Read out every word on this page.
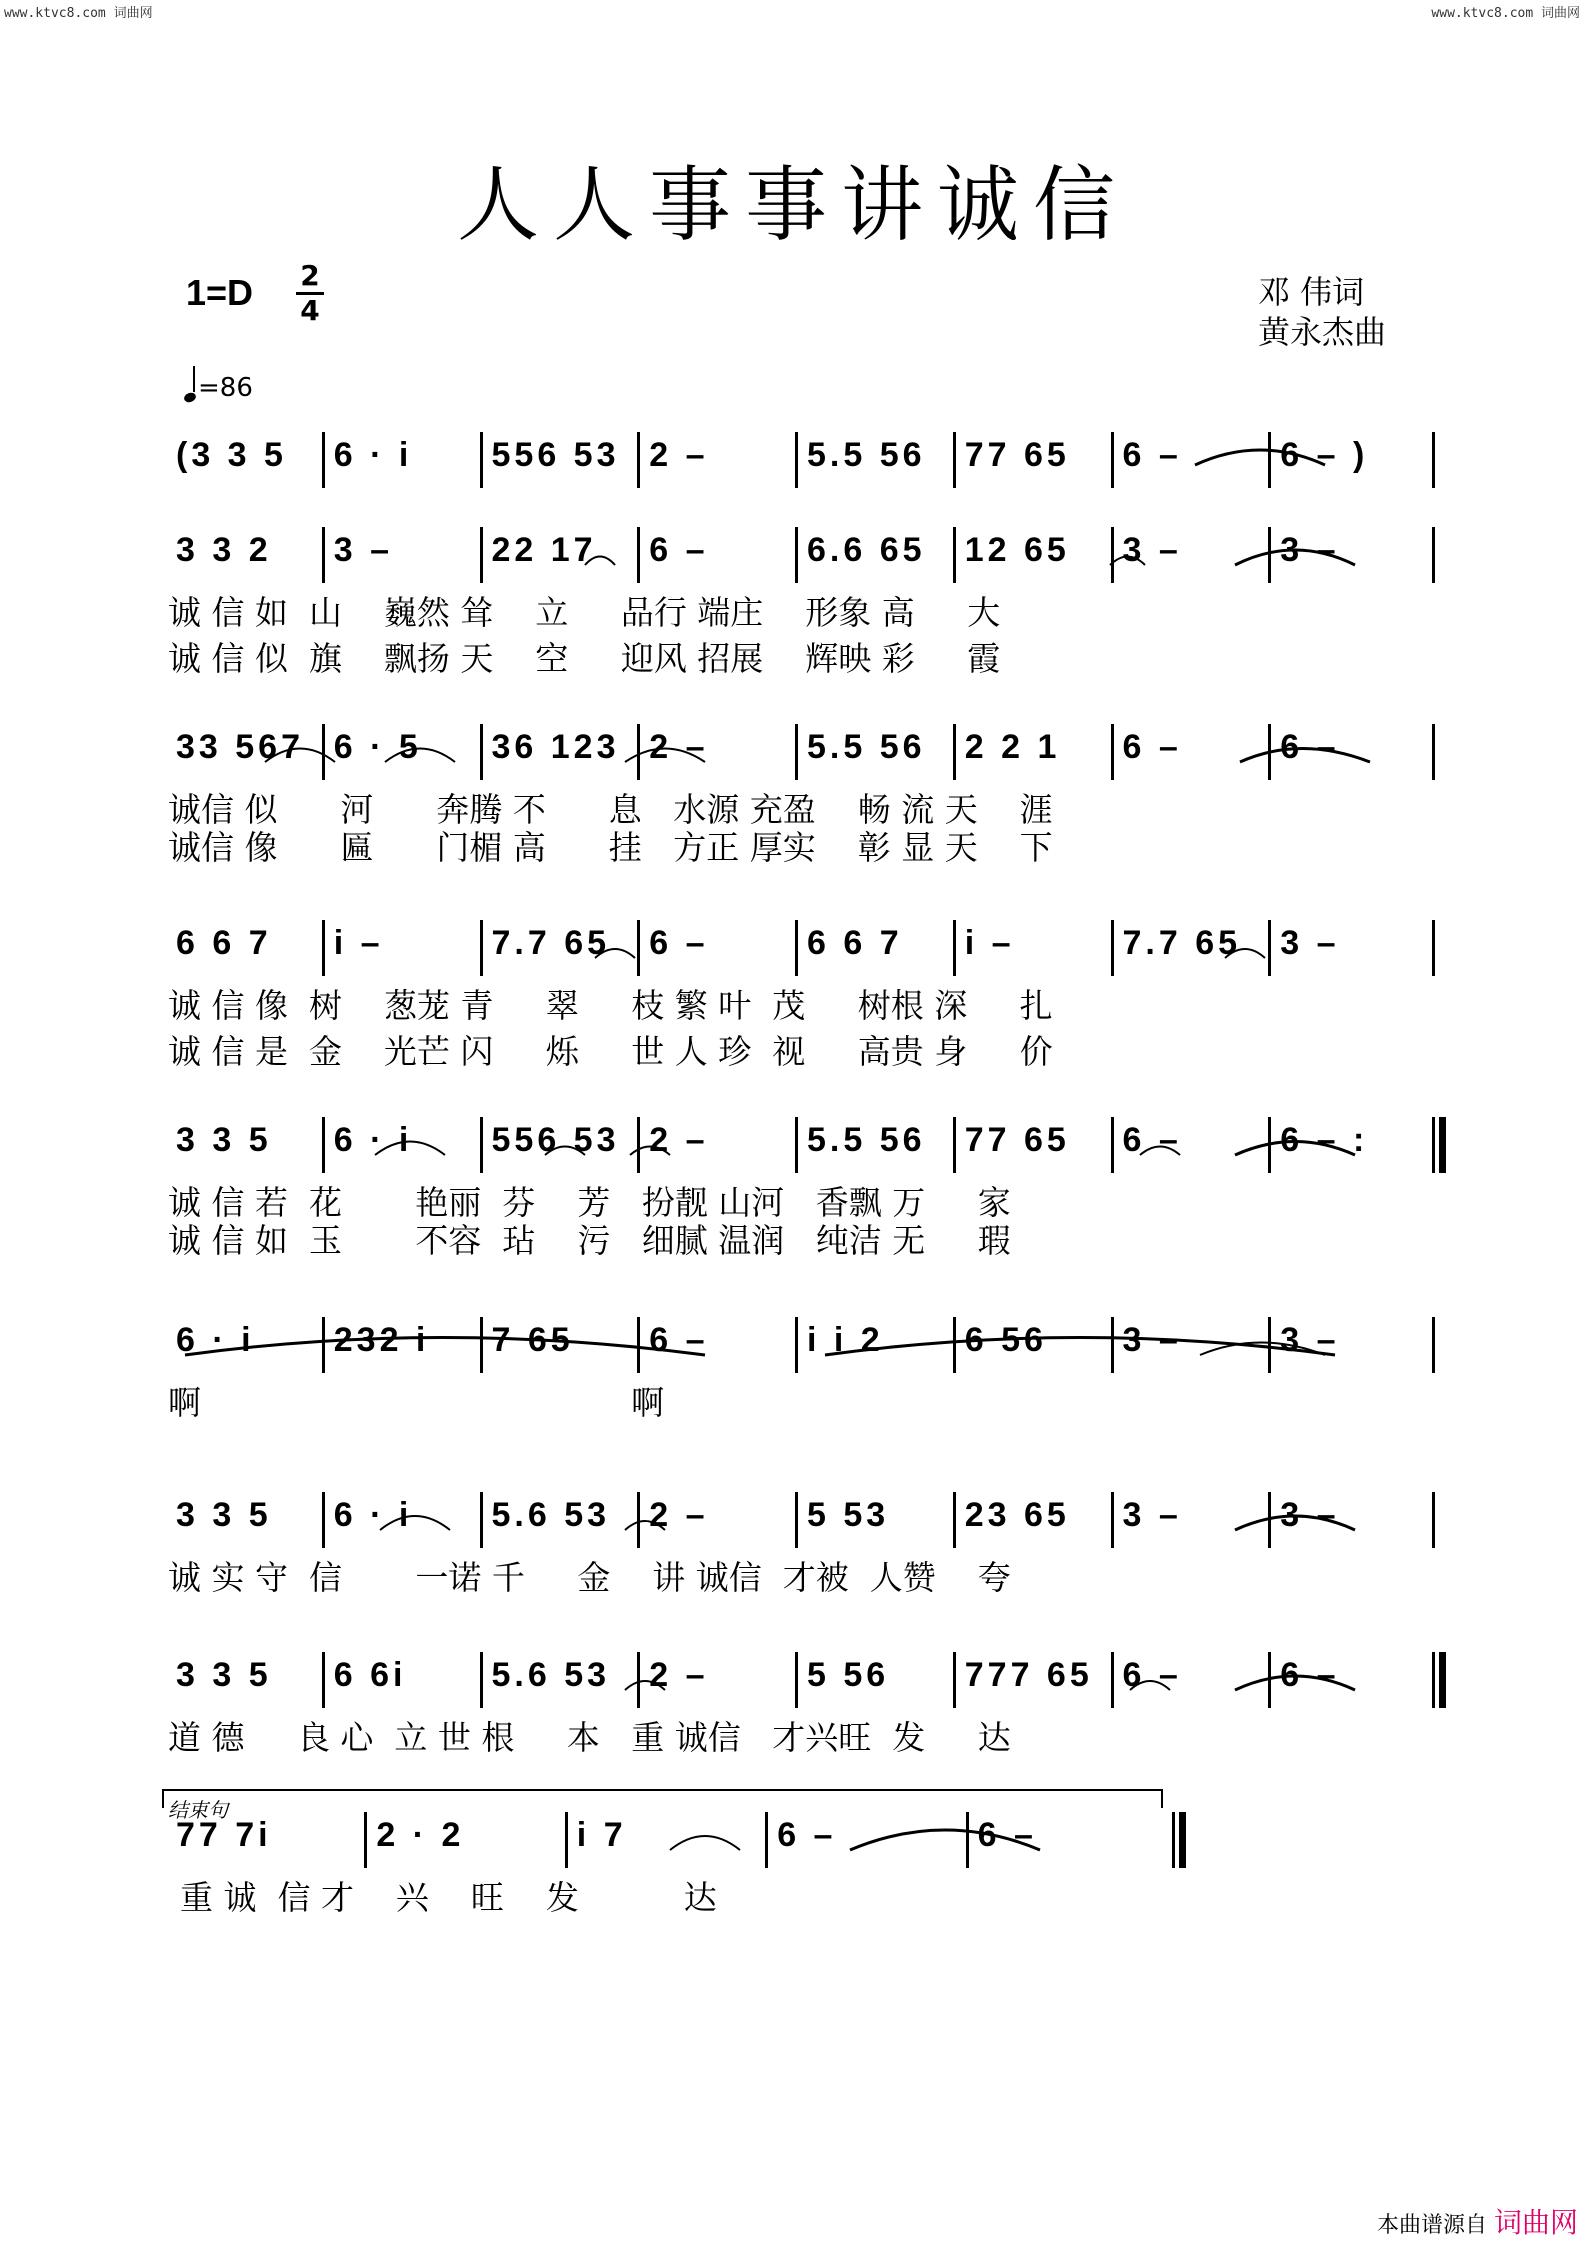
www.ktvc8.com 词曲网	www.ktvc8.com 词曲网
人人事事讲诚信
1=D 2
4	邓 伟词
黄永杰曲
=86
(3 3 5 6 · i 556 53 2 –	5.5 56 77 65 6 –	6 – )
3 3 2 3 –	22 17 6 –	6.6 65 12 65 3 –	3 –
诚 信 如  山    巍然 耸    立     品行 端庄    形象 高     大
诚 信 似  旗    飘扬 天    空     迎风 招展    辉映 彩     霞
33 567 6 · 5 36 123 2 –	5.5 56 2 2 1 6 –	6 –
诚信 似      河      奔腾 不      息   水源 充盈    畅 流 天    涯
诚信 像      匾      门楣 高      挂   方正 厚实    彰 显 天    下
6 6 7 i –	7.7 65 6 –	6 6 7 i –	7.7 65 3 –
诚 信 像  树    葱茏 青     翠     枝 繁 叶  茂     树根 深     扎
诚 信 是  金    光芒 闪     烁     世 人 珍  视     高贵 身     价
3 3 5 6 · i 556 53 2 –	5.5 56 77 65 6 –	6 – :
诚 信 若  花       艳丽  芬    芳   扮靓 山河   香飘 万     家
诚 信 如  玉       不容  玷    污   细腻 温润   纯洁 无     瑕
6 · i 232 i 7 65 6 –	i i 2 6 56 3 –	3 –
啊                                         啊
3 3 5 6 · i 5.6 53 2 –	5 53 23 65 3 –	3 –
诚 实 守  信       一诺 千     金    讲 诚信  才被  人赞    夸
3 3 5 6 6i	5.6 53 2 –	5 56 777 65 6 –	6 –
道 德     良 心  立 世 根     本   重 诚信   才兴旺  发     达
77 7i	2 · 2	i 7	6 –	6 –
重 诚  信 才    兴    旺    发          达
结束句
本曲谱源自 词曲网
